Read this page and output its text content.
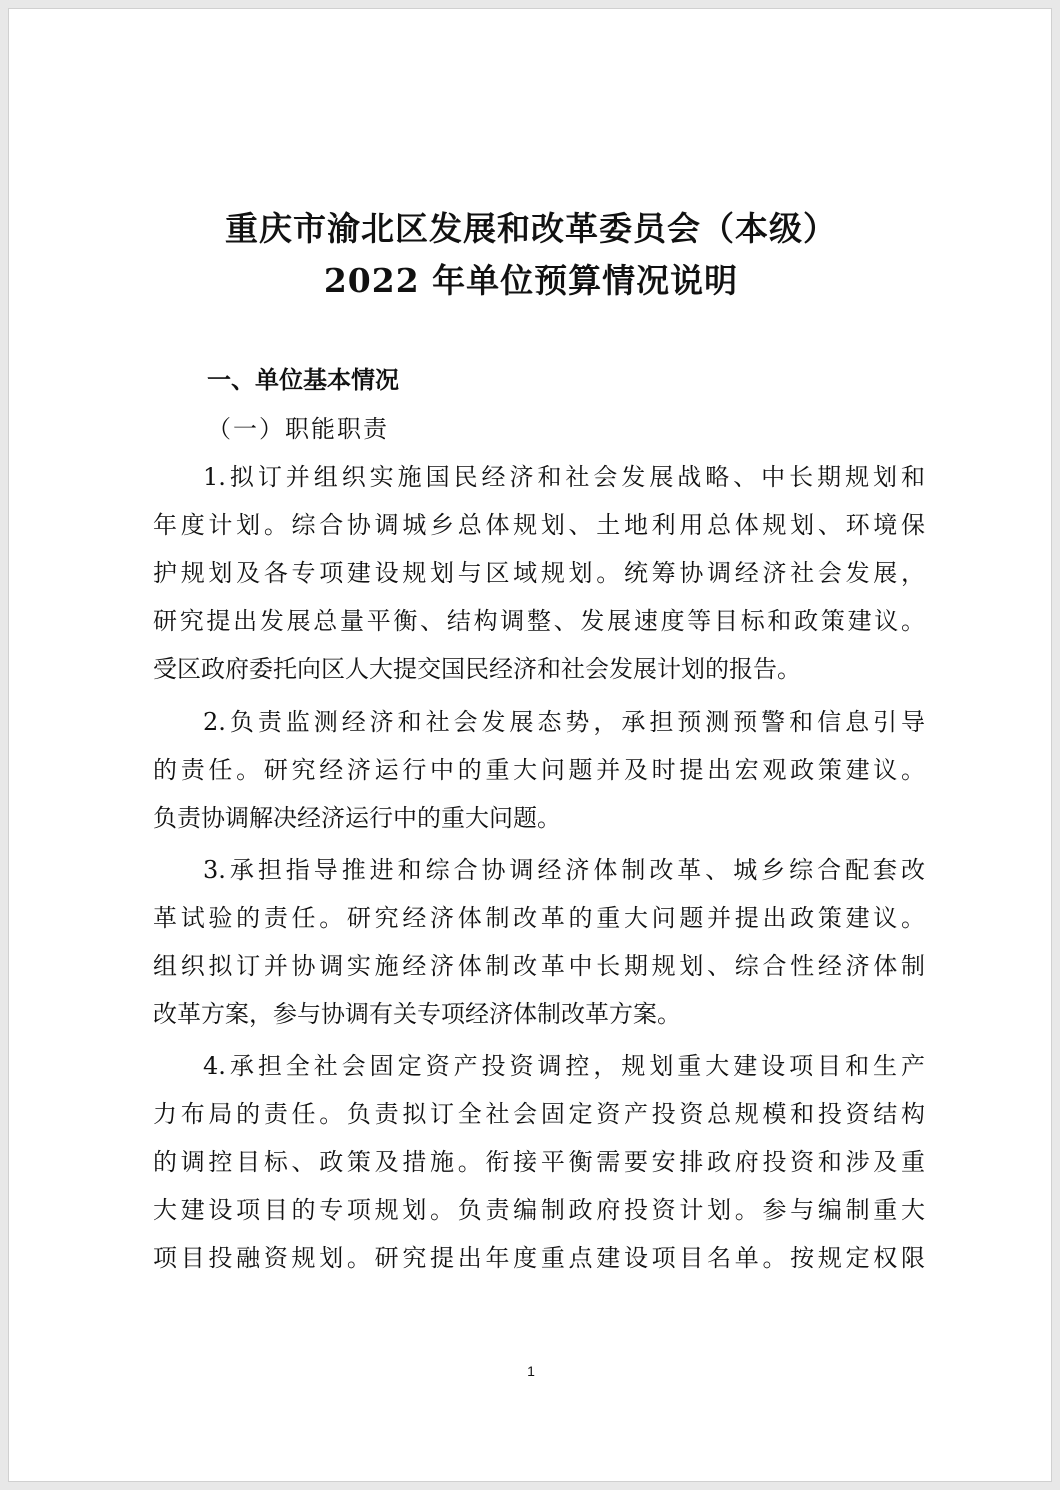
重庆市渝北区发展和改革委员会（本级）
2022 年单位预算情况说明
一、单位基本情况
（一）职能职责
1.拟订并组织实施国民经济和社会发展战略、中长期规划和
年度计划。综合协调城乡总体规划、土地利用总体规划、环境保
护规划及各专项建设规划与区域规划。统筹协调经济社会发展，
研究提出发展总量平衡、结构调整、发展速度等目标和政策建议。
受区政府委托向区人大提交国民经济和社会发展计划的报告。
2.负责监测经济和社会发展态势，承担预测预警和信息引导
的责任。研究经济运行中的重大问题并及时提出宏观政策建议。
负责协调解决经济运行中的重大问题。
3.承担指导推进和综合协调经济体制改革、城乡综合配套改
革试验的责任。研究经济体制改革的重大问题并提出政策建议。
组织拟订并协调实施经济体制改革中长期规划、综合性经济体制
改革方案，参与协调有关专项经济体制改革方案。
4.承担全社会固定资产投资调控，规划重大建设项目和生产
力布局的责任。负责拟订全社会固定资产投资总规模和投资结构
的调控目标、政策及措施。衔接平衡需要安排政府投资和涉及重
大建设项目的专项规划。负责编制政府投资计划。参与编制重大
项目投融资规划。研究提出年度重点建设项目名单。按规定权限
1
